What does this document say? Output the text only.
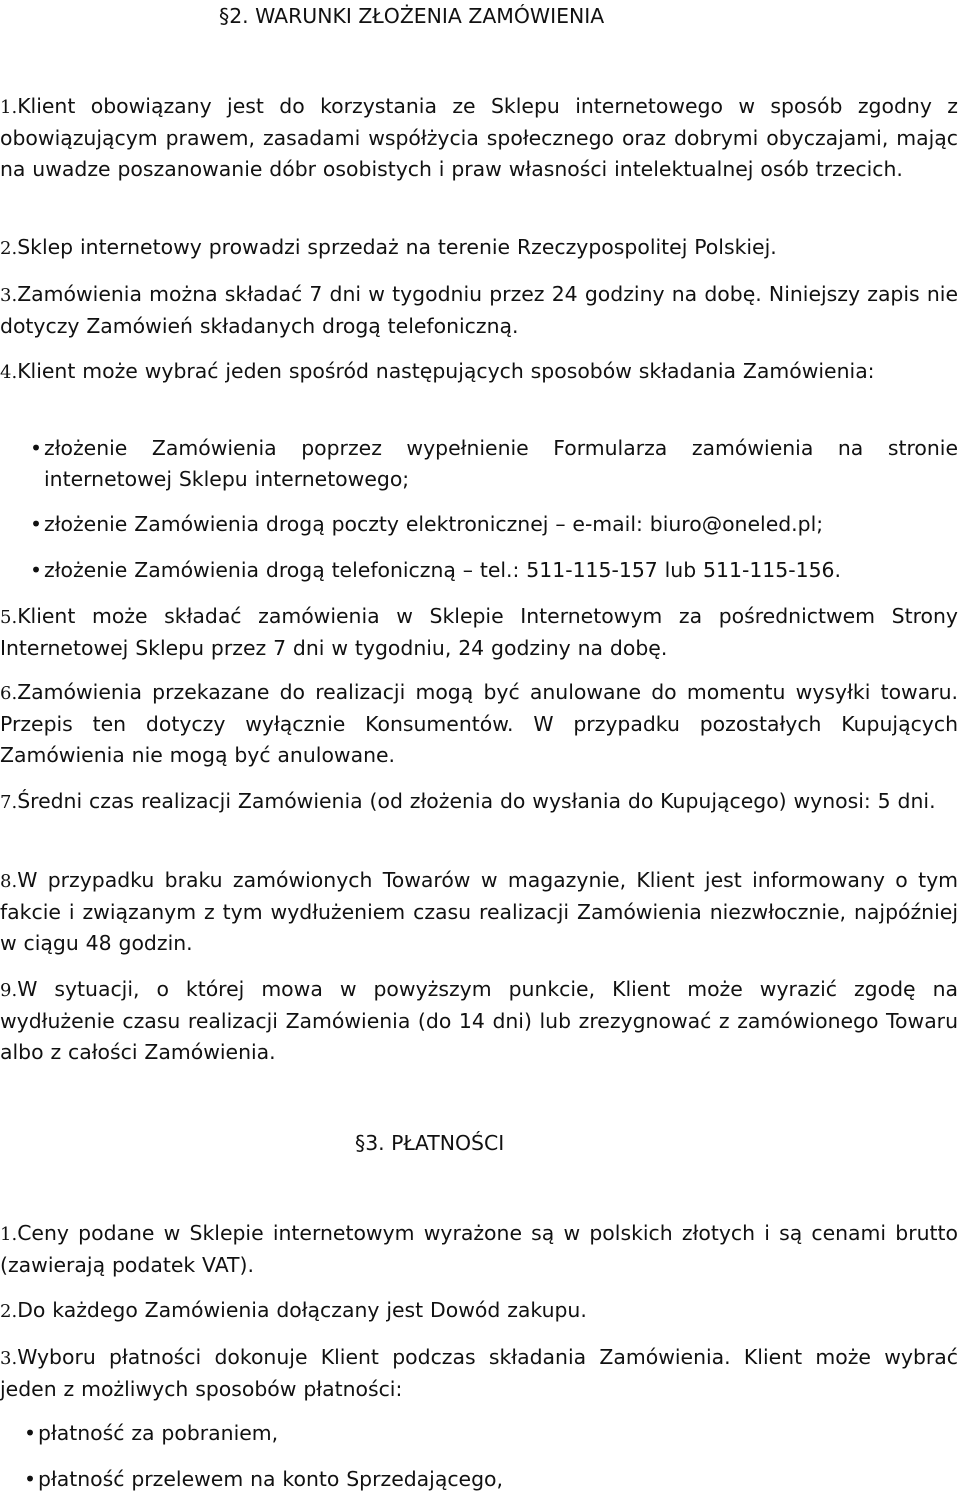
§2. WARUNKI ZŁOŻENIA ZAMÓWIENIA

1.Klient obowiązany jest do korzystania ze Sklepu internetowego w sposób zgodny z obowiązującym prawem, zasadami współżycia społecznego oraz dobrymi obyczajami, mając na uwadze poszanowanie dóbr osobistych i praw własności intelektualnej osób trzecich.

2.Sklep internetowy prowadzi sprzedaż na terenie Rzeczypospolitej Polskiej.

3.Zamówienia można składać 7 dni w tygodniu przez 24 godziny na dobę. Niniejszy zapis nie dotyczy Zamówień składanych drogą telefoniczną.

4.Klient może wybrać jeden spośród następujących sposobów składania Zamówienia:

• złożenie Zamówienia poprzez wypełnienie Formularza zamówienia na stronie internetowej Sklepu internetowego;

• złożenie Zamówienia drogą poczty elektronicznej – e-mail: biuro@oneled.pl;

• złożenie Zamówienia drogą telefoniczną – tel.: 511-115-157 lub 511-115-156.

5.Klient może składać zamówienia w Sklepie Internetowym za pośrednictwem Strony Internetowej Sklepu przez 7 dni w tygodniu, 24 godziny na dobę.

6.Zamówienia przekazane do realizacji mogą być anulowane do momentu wysyłki towaru. Przepis ten dotyczy wyłącznie Konsumentów. W przypadku pozostałych Kupujących Zamówienia nie mogą być anulowane.

7.Średni czas realizacji Zamówienia (od złożenia do wysłania do Kupującego) wynosi: 5 dni.

8.W przypadku braku zamówionych Towarów w magazynie, Klient jest informowany o tym fakcie i związanym z tym wydłużeniem czasu realizacji Zamówienia niezwłocznie, najpóźniej w ciągu 48 godzin.

9.W sytuacji, o której mowa w powyższym punkcie, Klient może wyrazić zgodę na wydłużenie czasu realizacji Zamówienia (do 14 dni) lub zrezygnować z zamówionego Towaru albo z całości Zamówienia.

§3. PŁATNOŚCI

1.Ceny podane w Sklepie internetowym wyrażone są w polskich złotych i są cenami brutto (zawierają podatek VAT).

2.Do każdego Zamówienia dołączany jest Dowód zakupu.

3.Wyboru płatności dokonuje Klient podczas składania Zamówienia. Klient może wybrać jeden z możliwych sposobów płatności:

• płatność za pobraniem,

• płatność przelewem na konto Sprzedającego,
